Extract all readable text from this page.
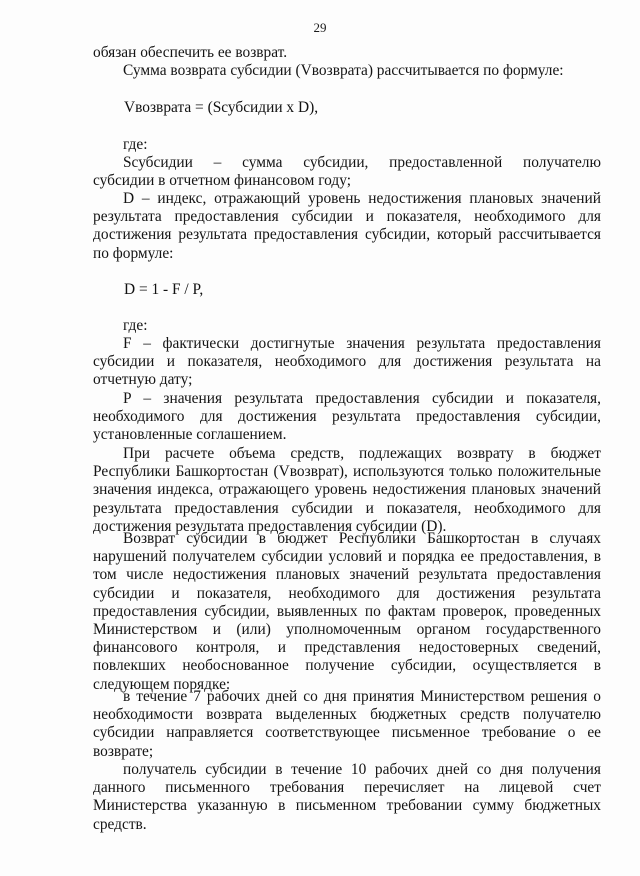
29

обязан обеспечить ее возврат.

Сумма возврата субсидии (Vвозврата) рассчитывается по формуле:

Vвозврата = (Sсубсидии x D),

где:

Sсубсидии – сумма субсидии, предоставленной получателю

субсидии в отчетном финансовом году;

D – индекс, отражающий уровень недостижения плановых значений результата предоставления субсидии и показателя, необходимого для достижения результата предоставления субсидии, который рассчитывается по формуле:

D = 1 - F / P,

где:

F – фактически достигнутые значения результата предоставления субсидии и показателя, необходимого для достижения результата на отчетную дату;

P – значения результата предоставления субсидии и показателя, необходимого для достижения результата предоставления субсидии, установленные соглашением.

При расчете объема средств, подлежащих возврату в бюджет Республики Башкортостан (Vвозврат), используются только положительные значения индекса, отражающего уровень недостижения плановых значений результата предоставления субсидии и показателя, необходимого для достижения результата предоставления субсидии (D).

Возврат субсидии в бюджет Республики Башкортостан в случаях нарушений получателем субсидии условий и порядка ее предоставления, в том числе недостижения плановых значений результата предоставления субсидии и показателя, необходимого для достижения результата предоставления субсидии, выявленных по фактам проверок, проведенных Министерством и (или) уполномоченным органом государственного финансового контроля, и представления недостоверных сведений, повлекших необоснованное получение субсидии, осуществляется в следующем порядке:

в течение 7 рабочих дней со дня принятия Министерством решения о необходимости возврата выделенных бюджетных средств получателю субсидии направляется соответствующее письменное требование о ее возврате;

получатель субсидии в течение 10 рабочих дней со дня получения данного письменного требования перечисляет на лицевой счет Министерства указанную в письменном требовании сумму бюджетных средств.
